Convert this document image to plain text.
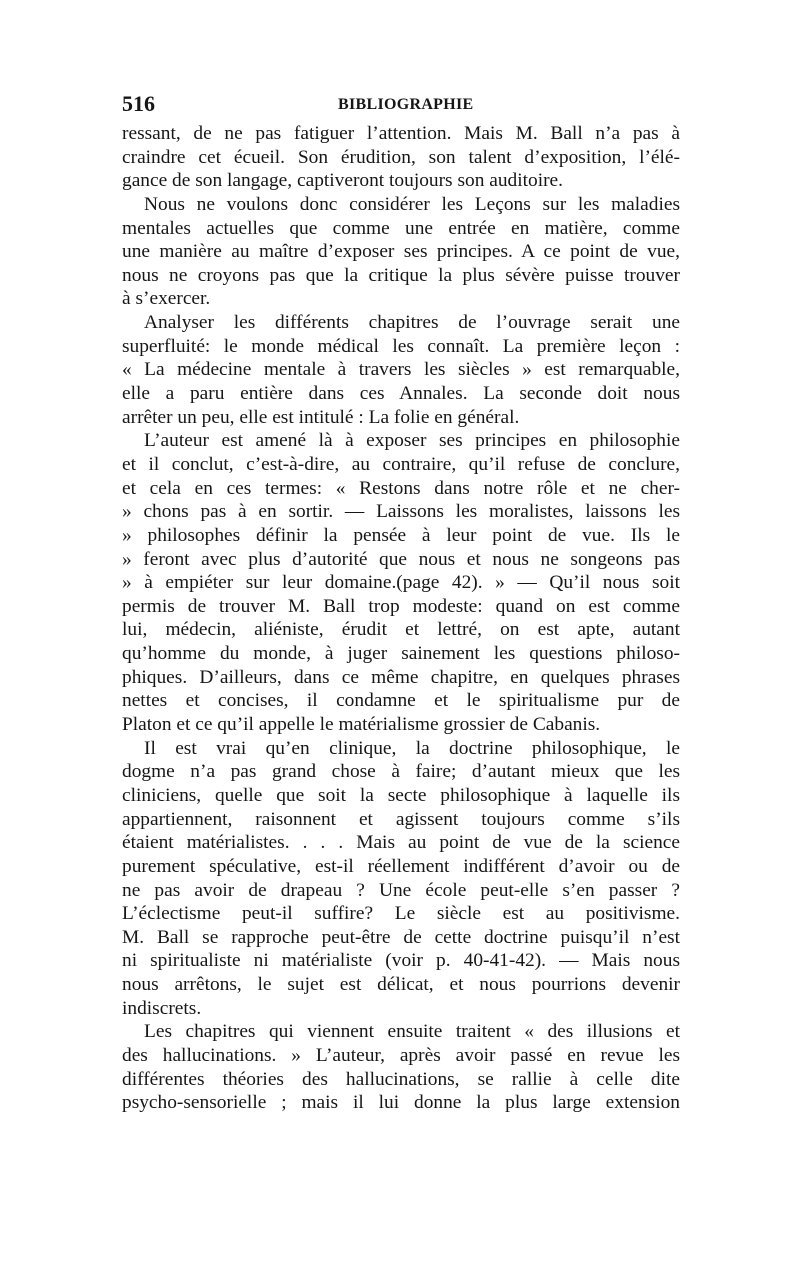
516	BIBLIOGRAPHIE
ressant, de ne pas fatiguer l’attention. Mais M. Ball n’a pas à
craindre cet écueil. Son érudition, son talent d’exposition, l’élé-
gance de son langage, captiveront toujours son auditoire.
Nous ne voulons donc considérer les Leçons sur les maladies
mentales actuelles que comme une entrée en matière, comme
une manière au maître d’exposer ses principes. A ce point de vue,
nous ne croyons pas que la critique la plus sévère puisse trouver
à s’exercer.
Analyser les différents chapitres de l’ouvrage serait une
superfluité: le monde médical les connaît. La première leçon :
« La médecine mentale à travers les siècles » est remarquable,
elle a paru entière dans ces Annales. La seconde doit nous
arrêter un peu, elle est intitulé : La folie en général.
L’auteur est amené là à exposer ses principes en philosophie
et il conclut, c’est-à-dire, au contraire, qu’il refuse de conclure,
et cela en ces termes: « Restons dans notre rôle et ne cher-
» chons pas à en sortir. — Laissons les moralistes, laissons les
» philosophes définir la pensée à leur point de vue. Ils le
» feront avec plus d’autorité que nous et nous ne songeons pas
» à empiéter sur leur domaine.(page 42). » — Qu’il nous soit
permis de trouver M. Ball trop modeste: quand on est comme
lui, médecin, aliéniste, érudit et lettré, on est apte, autant
qu’homme du monde, à juger sainement les questions philoso-
phiques. D’ailleurs, dans ce même chapitre, en quelques phrases
nettes et concises, il condamne et le spiritualisme pur de
Platon et ce qu’il appelle le matérialisme grossier de Cabanis.
Il est vrai qu’en clinique, la doctrine philosophique, le
dogme n’a pas grand chose à faire; d’autant mieux que les
cliniciens, quelle que soit la secte philosophique à laquelle ils
appartiennent, raisonnent et agissent toujours comme s’ils
étaient matérialistes. . . . Mais au point de vue de la science
purement spéculative, est-il réellement indifférent d’avoir ou de
ne pas avoir de drapeau ? Une école peut-elle s’en passer ?
L’éclectisme peut-il suffire? Le siècle est au positivisme.
M. Ball se rapproche peut-être de cette doctrine puisqu’il n’est
ni spiritualiste ni matérialiste (voir p. 40-41-42). — Mais nous
nous arrêtons, le sujet est délicat, et nous pourrions devenir
indiscrets.
Les chapitres qui viennent ensuite traitent « des illusions et
des hallucinations. » L’auteur, après avoir passé en revue les
différentes théories des hallucinations, se rallie à celle dite
psycho-sensorielle ; mais il lui donne la plus large extension
